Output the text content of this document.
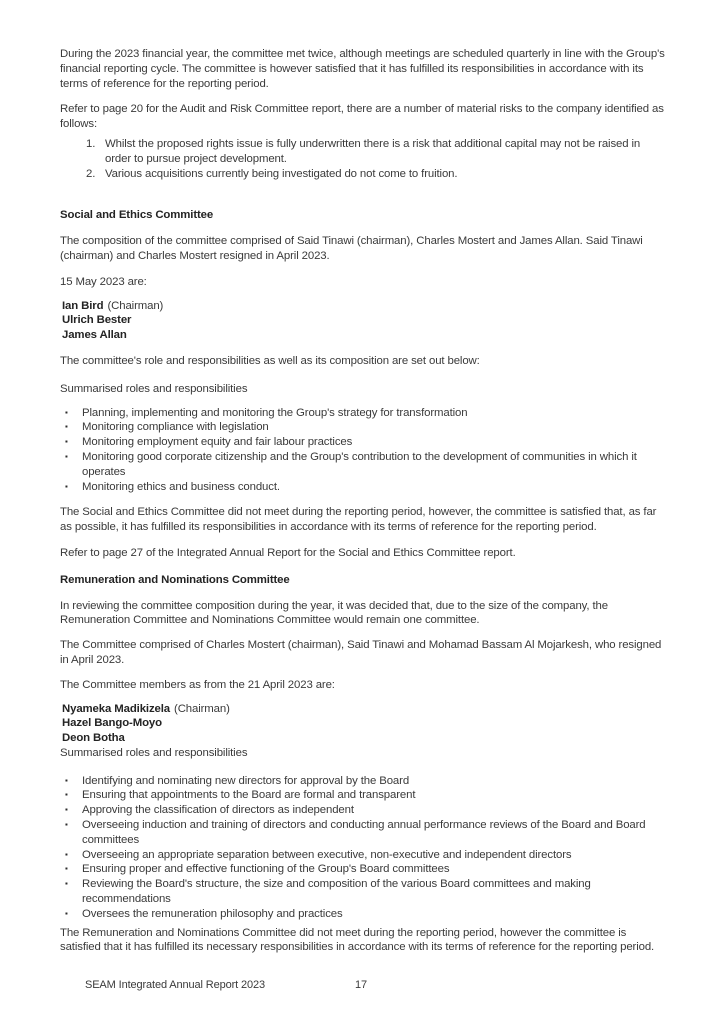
During the 2023 financial year, the committee met twice, although meetings are scheduled quarterly in line with the Group's financial reporting cycle. The committee is however satisfied that it has fulfilled its responsibilities in accordance with its terms of reference for the reporting period.

Refer to page 20 for the Audit and Risk Committee report, there are a number of material risks to the company identified as follows:

1. Whilst the proposed rights issue is fully underwritten there is a risk that additional capital may not be raised in order to pursue project development.
2. Various acquisitions currently being investigated do not come to fruition.
Social and Ethics Committee

The composition of the committee comprised of Said Tinawi (chairman), Charles Mostert and James Allan. Said Tinawi (chairman) and Charles Mostert resigned in April 2023.

15 May 2023 are:

Ian Bird (Chairman)
Ulrich Bester
James Allan

The committee's role and responsibilities as well as its composition are set out below:

Summarised roles and responsibilities

▪	Planning, implementing and monitoring the Group's strategy for transformation
▪	Monitoring compliance with legislation
▪	Monitoring employment equity and fair labour practices
▪	Monitoring good corporate citizenship and the Group's contribution to the development of communities in which it operates
▪	Monitoring ethics and business conduct.

The Social and Ethics Committee did not meet during the reporting period, however, the committee is satisfied that, as far as possible, it has fulfilled its responsibilities in accordance with its terms of reference for the reporting period.

Refer to page 27 of the Integrated Annual Report for the Social and Ethics Committee report.

Remuneration and Nominations Committee

In reviewing the committee composition during the year, it was decided that, due to the size of the company, the Remuneration Committee and Nominations Committee would remain one committee.

The Committee comprised of Charles Mostert (chairman), Said Tinawi and Mohamad Bassam Al Mojarkesh, who resigned in April 2023.

The Committee members as from the 21 April 2023 are:

Nyameka Madikizela (Chairman)
Hazel Bango-Moyo
Deon Botha

Summarised roles and responsibilities

▪	Identifying and nominating new directors for approval by the Board
▪	Ensuring that appointments to the Board are formal and transparent
▪	Approving the classification of directors as independent
▪	Overseeing induction and training of directors and conducting annual performance reviews of the Board and Board committees
▪	Overseeing an appropriate separation between executive, non-executive and independent directors
▪	Ensuring proper and effective functioning of the Group's Board committees
▪	Reviewing the Board's structure, the size and composition of the various Board committees and making recommendations
▪	Oversees the remuneration philosophy and practices

The Remuneration and Nominations Committee did not meet during the reporting period, however the committee is satisfied that it has fulfilled its necessary responsibilities in accordance with its terms of reference for the reporting period.

SEAM Integrated Annual Report 2023	17
